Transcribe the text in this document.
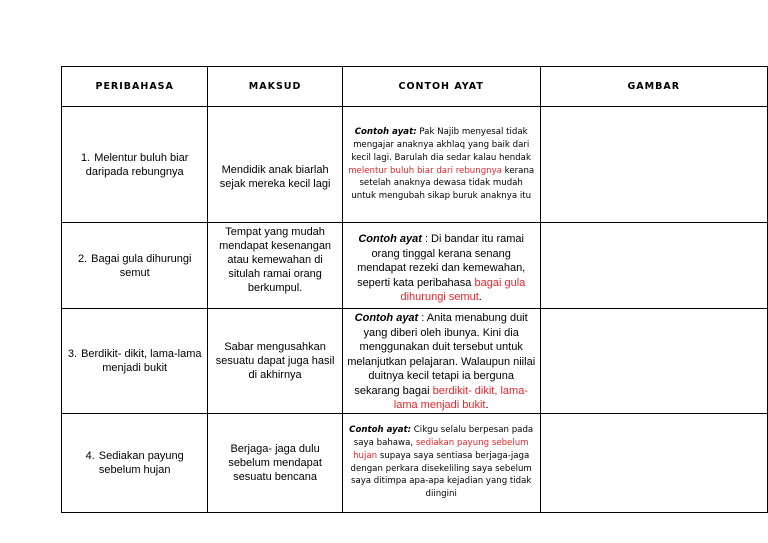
PERIBAHASA	MAKSUD	CONTOH AYAT	GAMBAR
1. Melentur buluh biar daripada rebungnya	Mendidik anak biarlah sejak mereka kecil lagi	Contoh ayat: Pak Najib menyesal tidak mengajar anaknya akhlaq yang baik dari kecil lagi. Barulah dia sedar kalau hendak melentur buluh biar dari rebungnya kerana setelah anaknya dewasa tidak mudah untuk mengubah sikap buruk anaknya itu	
2. Bagai gula dihurungi semut	Tempat yang mudah mendapat kesenangan atau kemewahan di situlah ramai orang berkumpul.	Contoh ayat : Di bandar itu ramai orang tinggal kerana senang mendapat rezeki dan kemewahan, seperti kata peribahasa bagai gula dihurungi semut.	
3. Berdikit- dikit, lama-lama menjadi bukit	Sabar mengusahkan sesuatu dapat juga hasil di akhirnya	Contoh ayat : Anita menabung duit yang diberi oleh ibunya. Kini dia menggunakan duit tersebut untuk melanjutkan pelajaran. Walaupun niilai duitnya kecil tetapi ia berguna sekarang bagai berdikit- dikit, lama-lama menjadi bukit.	
4. Sediakan payung sebelum hujan	Berjaga- jaga dulu sebelum mendapat sesuatu bencana	Contoh ayat: Cikgu selalu berpesan pada saya bahawa, sediakan payung sebelum hujan supaya saya sentiasa berjaga-jaga dengan perkara disekeliling saya sebelum saya ditimpa apa-apa kejadian yang tidak diingini	
